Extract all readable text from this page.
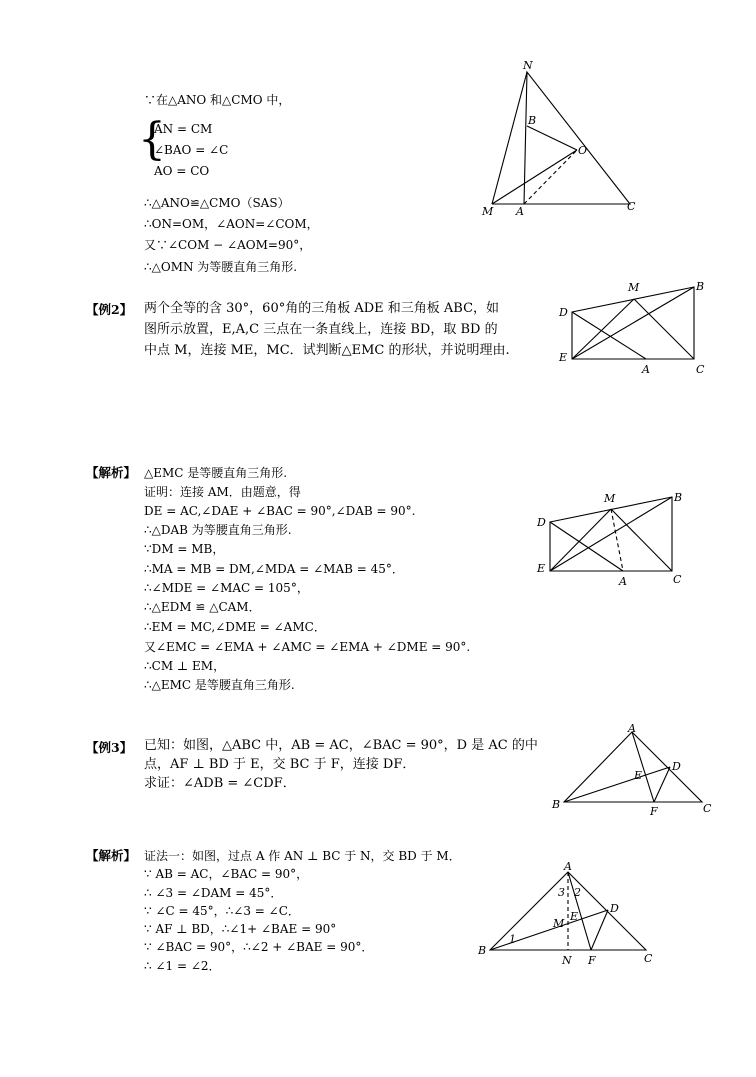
∵在△ANO 和△CMO 中，
{
AN = CM
∠BAO = ∠C
AO = CO
∴△ANO≌△CMO（SAS）
∴ON=OM，∠AON=∠COM，
又∵∠COM − ∠AOM=90°，
∴△OMN 为等腰直角三角形.
N
B
O
M A	C
【例2】 两个全等的含 30°，60°角的三角板 ADE 和三角板 ABC，如
图所示放置，E,A,C 三点在一条直线上，连接 BD，取 BD 的
中点 M，连接 ME，MC．试判断△EMC 的形状，并说明理由.
M	B
D
E
A	C
【解析】 △EMC 是等腰直角三角形.
证明：连接 AM．由题意，得
DE = AC,∠DAE + ∠BAC = 90°,∠DAB = 90°.
∴△DAB 为等腰直角三角形.
∵DM = MB，
∴MA = MB = DM,∠MDA = ∠MAB = 45°．
∴∠MDE = ∠MAC = 105°，
∴△EDM ≌ △CAM．
∴EM = MC,∠DME = ∠AMC．
又∠EMC = ∠EMA + ∠AMC = ∠EMA + ∠DME = 90°.
∴CM ⊥ EM，
∴△EMC 是等腰直角三角形.
M	B
D
E
A	C
【例3】 已知：如图，△ABC 中，AB = AC，∠BAC = 90°，D 是 AC 的中
点，AF ⊥ BD 于 E，交 BC 于 F，连接 DF．
求证：∠ADB = ∠CDF．
A
D
E
B
F	C
【解析】 证法一：如图，过点 A 作 AN ⊥ BC 于 N，交 BD 于 M．
∵ AB = AC，∠BAC = 90°，
∴ ∠3 = ∠DAM = 45°．
∵ ∠C = 45°，∴∠3 = ∠C．
∵ AF ⊥ BD，∴∠1+ ∠BAE = 90°
∵ ∠BAC = 90°，∴∠2 + ∠BAE = 90°．
∴ ∠1 = ∠2．
A
3 2
D
E
M
1
B
N F	C
